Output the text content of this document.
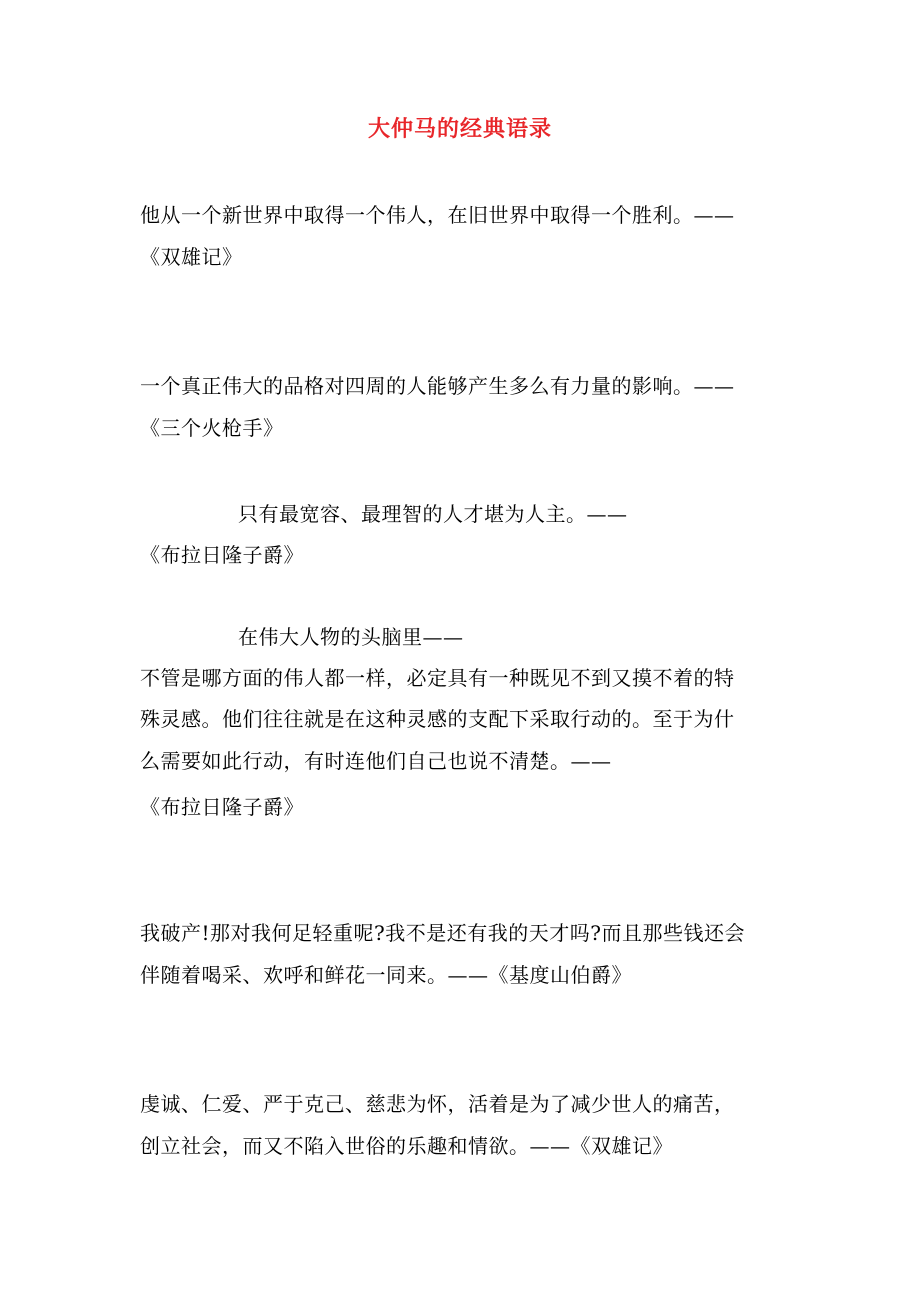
大仲马的经典语录
他从一个新世界中取得一个伟人，在旧世界中取得一个胜利。——
《双雄记》
一个真正伟大的品格对四周的人能够产生多么有力量的影响。——
《三个火枪手》
只有最宽容、最理智的人才堪为人主。——
《布拉日隆子爵》
在伟大人物的头脑里——
不管是哪方面的伟人都一样，必定具有一种既见不到又摸不着的特
殊灵感。他们往往就是在这种灵感的支配下采取行动的。至于为什
么需要如此行动，有时连他们自己也说不清楚。——
《布拉日隆子爵》
我破产!那对我何足轻重呢?我不是还有我的天才吗?而且那些钱还会
伴随着喝采、欢呼和鲜花一同来。——《基度山伯爵》
虔诚、仁爱、严于克己、慈悲为怀，活着是为了减少世人的痛苦，
创立社会，而又不陷入世俗的乐趣和情欲。——《双雄记》
